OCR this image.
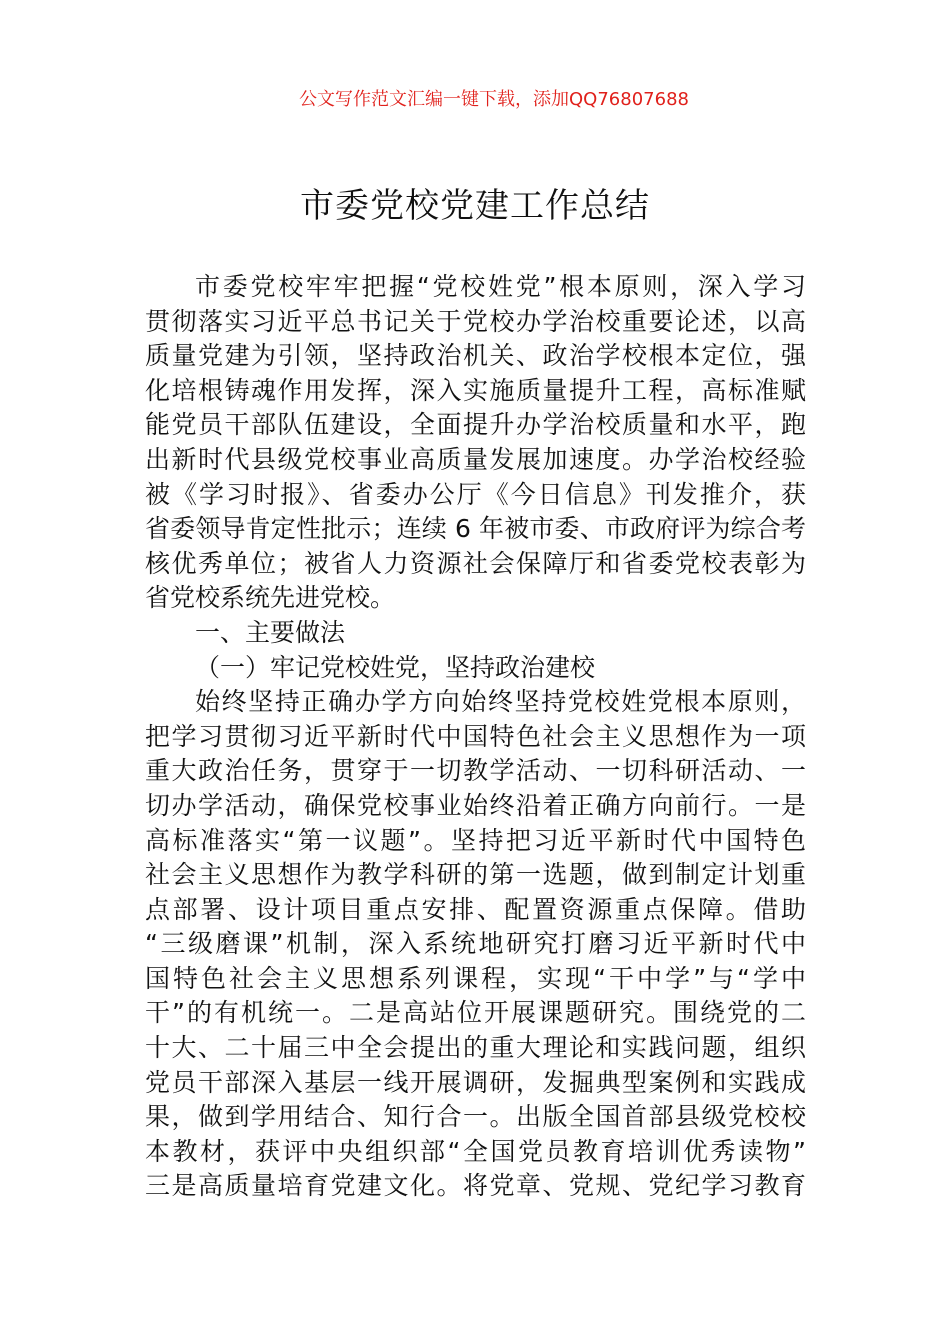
公文写作范文汇编一键下载，添加QQ76807688
市委党校党建工作总结
市委党校牢牢把握“党校姓党”根本原则，深入学习
贯彻落实习近平总书记关于党校办学治校重要论述，以高
质量党建为引领，坚持政治机关、政治学校根本定位，强
化培根铸魂作用发挥，深入实施质量提升工程，高标准赋
能党员干部队伍建设，全面提升办学治校质量和水平，跑
出新时代县级党校事业高质量发展加速度。办学治校经验
被《学习时报》、省委办公厅《今日信息》刊发推介，获
省委领导肯定性批示；连续 6 年被市委、市政府评为综合考
核优秀单位；被省人力资源社会保障厅和省委党校表彰为
省党校系统先进党校。
一、主要做法
（一）牢记党校姓党，坚持政治建校
始终坚持正确办学方向始终坚持党校姓党根本原则，
把学习贯彻习近平新时代中国特色社会主义思想作为一项
重大政治任务，贯穿于一切教学活动、一切科研活动、一
切办学活动，确保党校事业始终沿着正确方向前行。一是
高标准落实“第一议题”。坚持把习近平新时代中国特色
社会主义思想作为教学科研的第一选题，做到制定计划重
点部署、设计项目重点安排、配置资源重点保障。借助
“三级磨课”机制，深入系统地研究打磨习近平新时代中
国特色社会主义思想系列课程，实现“干中学”与“学中
干”的有机统一。二是高站位开展课题研究。围绕党的二
十大、二十届三中全会提出的重大理论和实践问题，组织
党员干部深入基层一线开展调研，发掘典型案例和实践成
果，做到学用结合、知行合一。出版全国首部县级党校校
本教材，获评中央组织部“全国党员教育培训优秀读物”
三是高质量培育党建文化。将党章、党规、党纪学习教育
